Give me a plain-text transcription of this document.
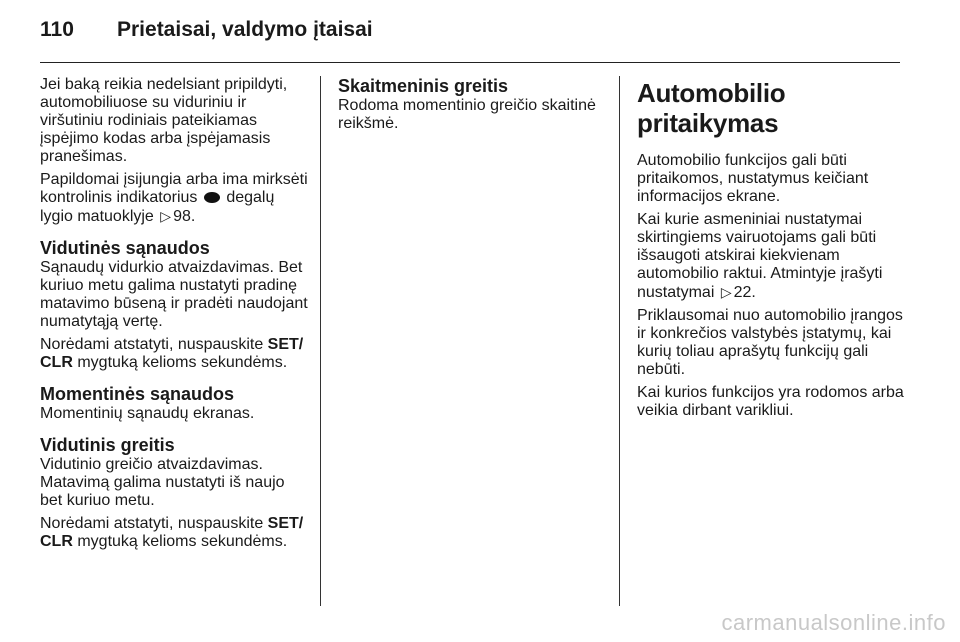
110 Prietaisai, valdymo įtaisai

Jei baką reikia nedelsiant pripildyti, automobiliuose su viduriniu ir viršutiniu rodiniais pateikiamas įspėjimo kodas arba įspėjamasis pranešimas.

Papildomai įsijungia arba ima mirksėti kontrolinis indikatorius degalų lygio matuoklyje ▷ 98.

Vidutinės sąnaudos

Sąnaudų vidurkio atvaizdavimas. Bet kuriuo metu galima nustatyti pradinę matavimo būseną ir pradėti naudojant numatytąją vertę.

Norėdami atstatyti, nuspauskite SET/ CLR mygtuką kelioms sekundėms.

Momentinės sąnaudos

Momentinių sąnaudų ekranas.

Vidutinis greitis

Vidutinio greičio atvaizdavimas. Matavimą galima nustatyti iš naujo bet kuriuo metu.

Norėdami atstatyti, nuspauskite SET/ CLR mygtuką kelioms sekundėms.

Skaitmeninis greitis

Rodoma momentinio greičio skaitinė reikšmė.

Automobilio pritaikymas

Automobilio funkcijos gali būti pritaikomos, nustatymus keičiant informacijos ekrane.

Kai kurie asmeniniai nustatymai skirtingiems vairuotojams gali būti išsaugoti atskirai kiekvienam automobilio raktui. Atmintyje įrašyti nustatymai ▷ 22.

Priklausomai nuo automobilio įrangos ir konkrečios valstybės įstatymų, kai kurių toliau aprašytų funkcijų gali nebūti.

Kai kurios funkcijos yra rodomos arba veikia dirbant varikliui.

carmanualsonline.info
